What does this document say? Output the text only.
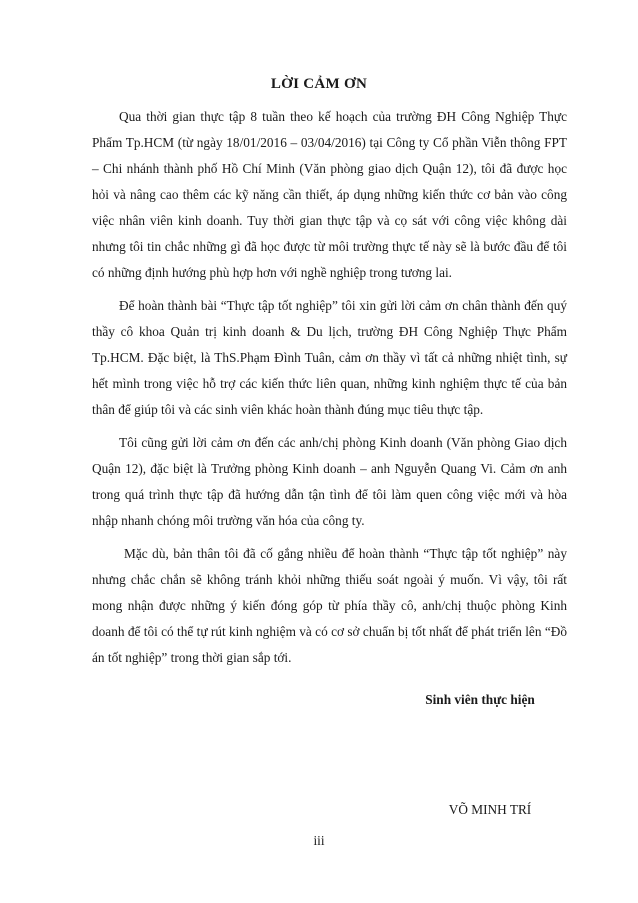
LỜI CẢM ƠN

Qua thời gian thực tập 8 tuần theo kế hoạch của trường ĐH Công Nghiệp Thực Phẩm Tp.HCM (từ ngày 18/01/2016 – 03/04/2016) tại Công ty Cổ phần Viễn thông FPT – Chi nhánh thành phố Hồ Chí Minh (Văn phòng giao dịch Quận 12), tôi đã được học hỏi và nâng cao thêm các kỹ năng cần thiết, áp dụng những kiến thức cơ bản vào công việc nhân viên kinh doanh. Tuy thời gian thực tập và cọ sát với công việc không dài nhưng tôi tin chắc những gì đã học được từ môi trường thực tế này sẽ là bước đầu để tôi có những định hướng phù hợp hơn với nghề nghiệp trong tương lai.

Để hoàn thành bài “Thực tập tốt nghiệp” tôi xin gửi lời cảm ơn chân thành đến quý thầy cô khoa Quản trị kinh doanh & Du lịch, trường ĐH Công Nghiệp Thực Phẩm Tp.HCM. Đặc biệt, là ThS.Phạm Đình Tuân, cảm ơn thầy vì tất cả những nhiệt tình, sự hết mình trong việc hỗ trợ các kiến thức liên quan, những kinh nghiệm thực tế của bản thân để giúp tôi và các sinh viên khác hoàn thành đúng mục tiêu thực tập.

Tôi cũng gửi lời cảm ơn đến các anh/chị phòng Kinh doanh (Văn phòng Giao dịch Quận 12), đặc biệt là Trưởng phòng Kinh doanh – anh Nguyễn Quang Vi. Cảm ơn anh trong quá trình thực tập đã hướng dẫn tận tình để tôi làm quen công việc mới và hòa nhập nhanh chóng môi trường văn hóa của công ty.

Mặc dù, bản thân tôi đã cố gắng nhiều để hoàn thành “Thực tập tốt nghiệp” này nhưng chắc chắn sẽ không tránh khỏi những thiếu soát ngoài ý muốn. Vì vậy, tôi rất mong nhận được những ý kiến đóng góp từ phía thầy cô, anh/chị thuộc phòng Kinh doanh để tôi có thể tự rút kinh nghiệm và có cơ sở chuẩn bị tốt nhất để phát triển lên “Đồ án tốt nghiệp” trong thời gian sắp tới.

Sinh viên thực hiện
VÕ MINH TRÍ
iii
